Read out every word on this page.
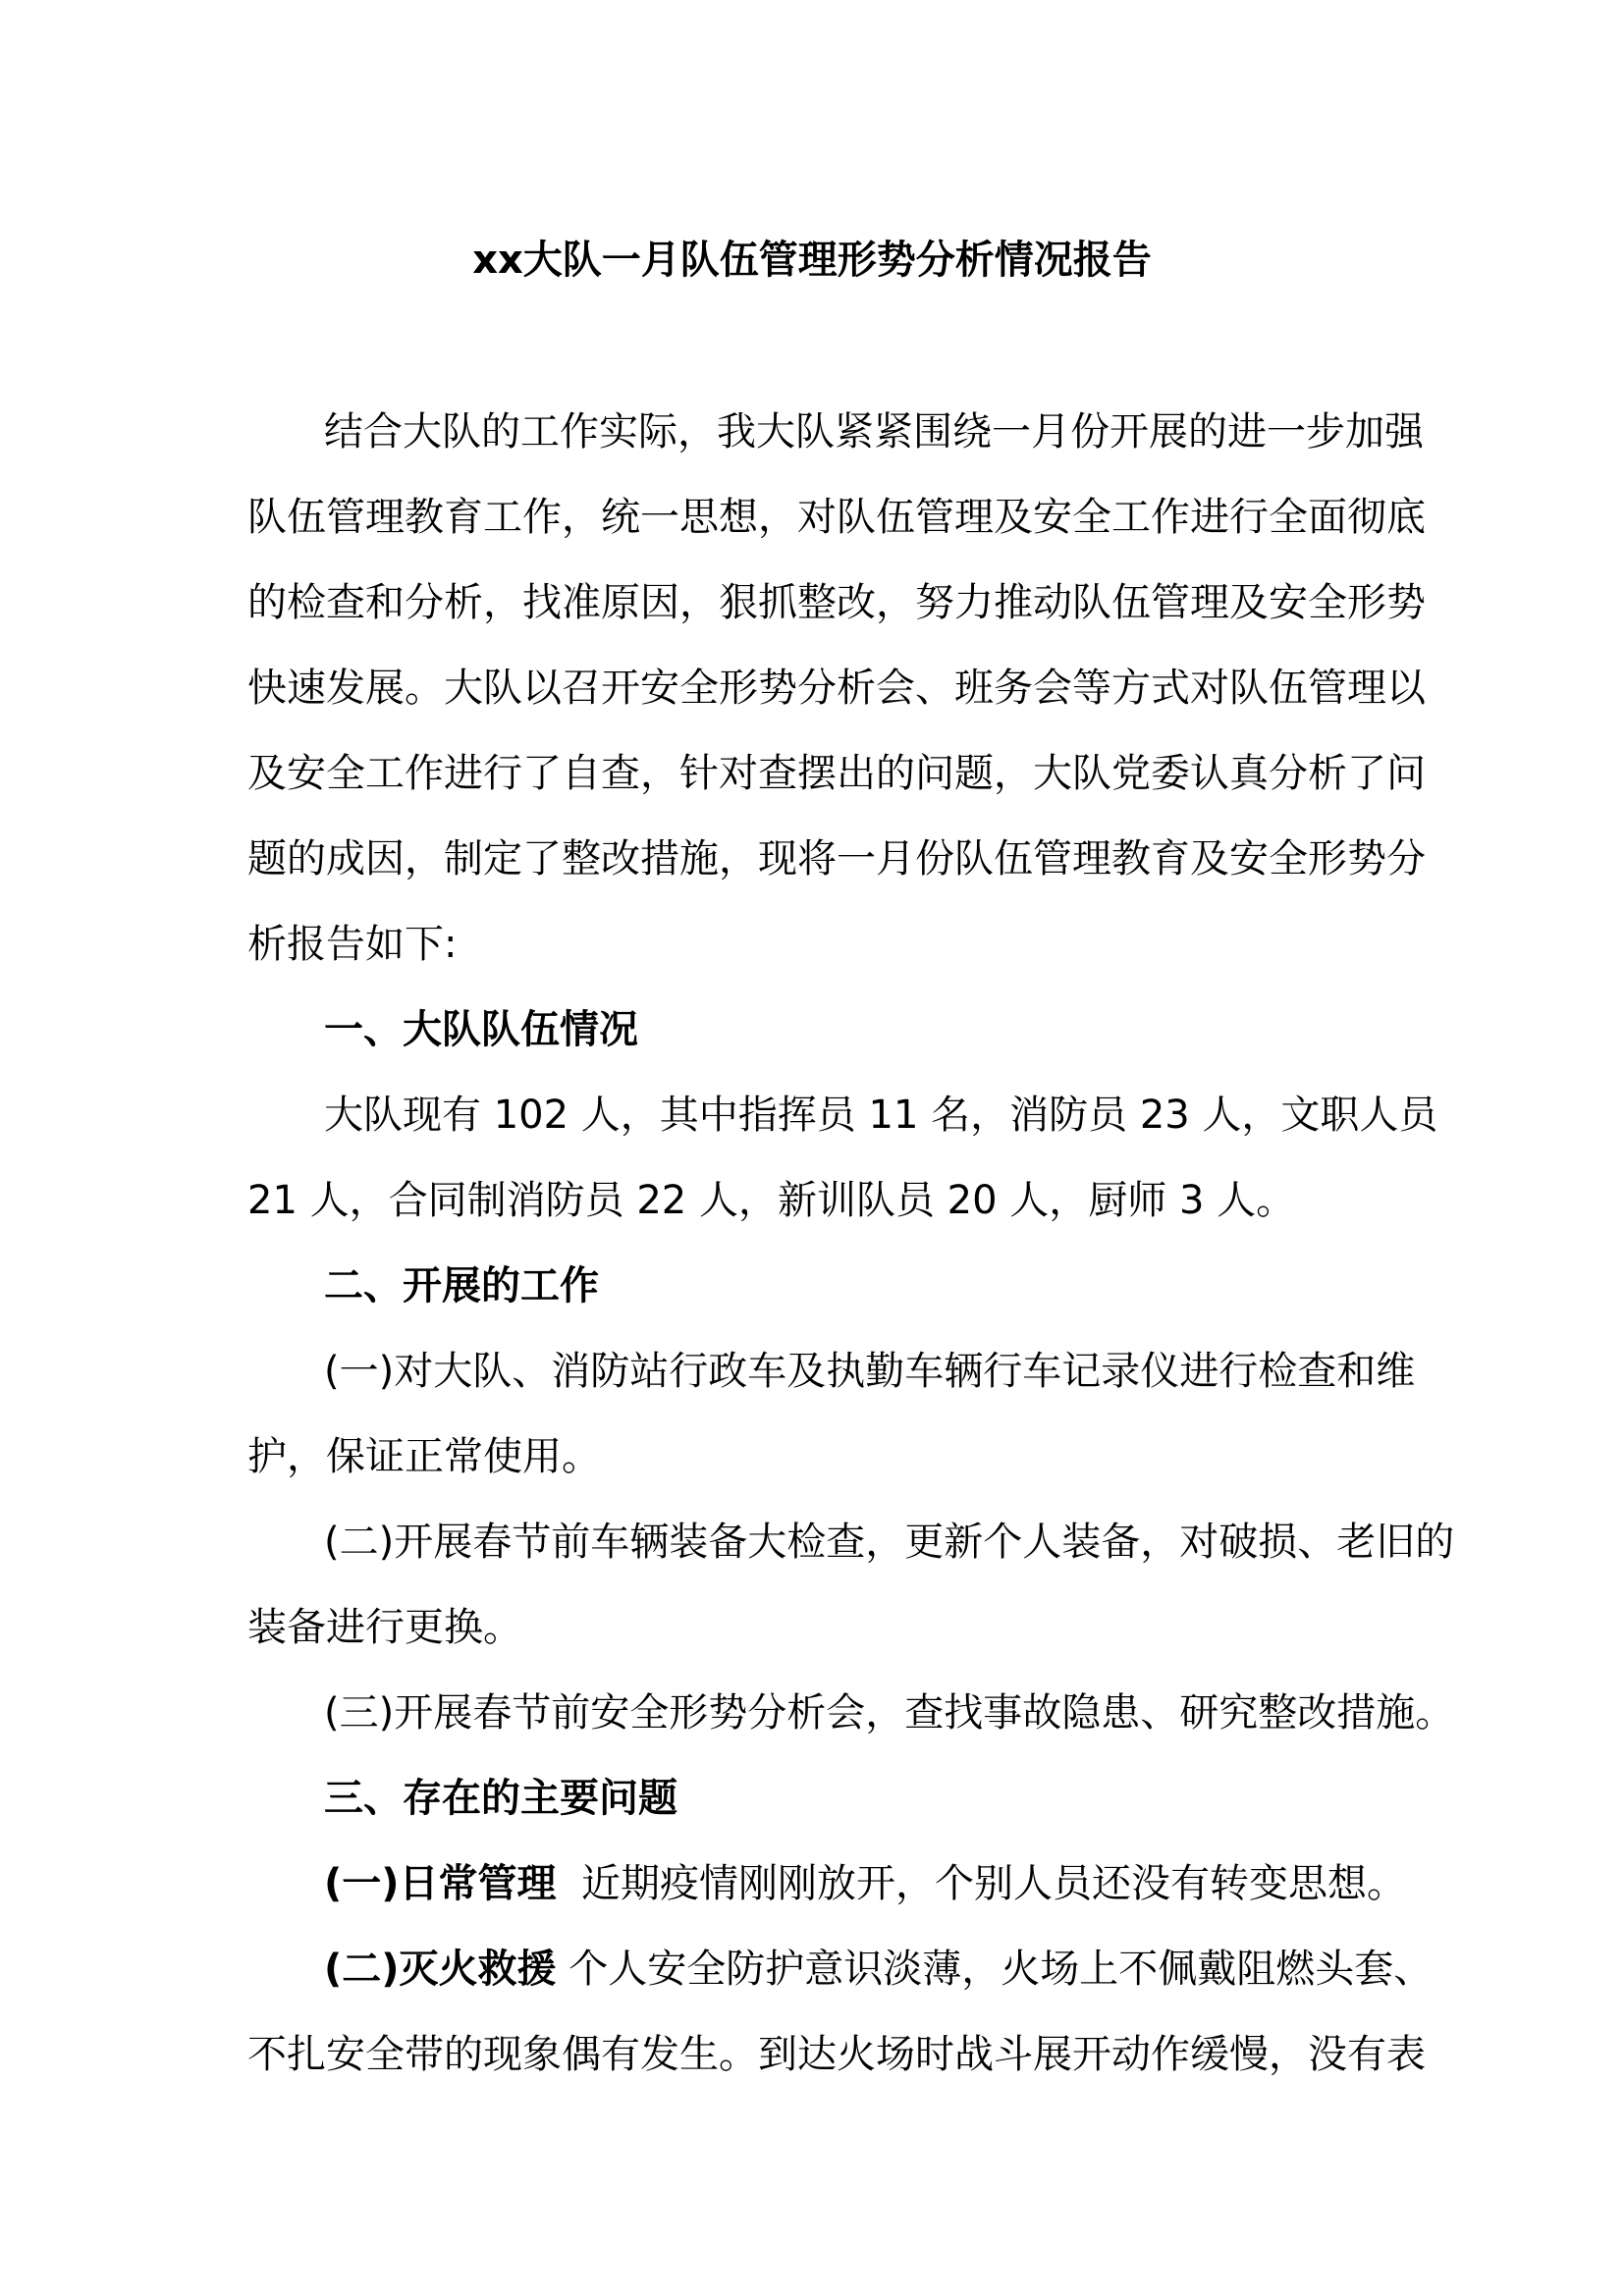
xx大队一月队伍管理形势分析情况报告
结合大队的工作实际，我大队紧紧围绕一月份开展的进一步加强
队伍管理教育工作，统一思想，对队伍管理及安全工作进行全面彻底
的检查和分析，找准原因，狠抓整改，努力推动队伍管理及安全形势
快速发展。大队以召开安全形势分析会、班务会等方式对队伍管理以
及安全工作进行了自查，针对查摆出的问题，大队党委认真分析了问
题的成因，制定了整改措施，现将一月份队伍管理教育及安全形势分
析报告如下:
一、大队队伍情况
大队现有 102 人，其中指挥员 11 名，消防员 23 人，文职人员
21 人，合同制消防员 22 人，新训队员 20 人，厨师 3 人。
二、开展的工作
(一)对大队、消防站行政车及执勤车辆行车记录仪进行检查和维
护，保证正常使用。
(二)开展春节前车辆装备大检查，更新个人装备，对破损、老旧的
装备进行更换。
(三)开展春节前安全形势分析会，查找事故隐患、研究整改措施。
三、存在的主要问题
(一)日常管理 近期疫情刚刚放开，个别人员还没有转变思想。
(二)灭火救援 个人安全防护意识淡薄，火场上不佩戴阻燃头套、
不扎安全带的现象偶有发生。到达火场时战斗展开动作缓慢，没有表
